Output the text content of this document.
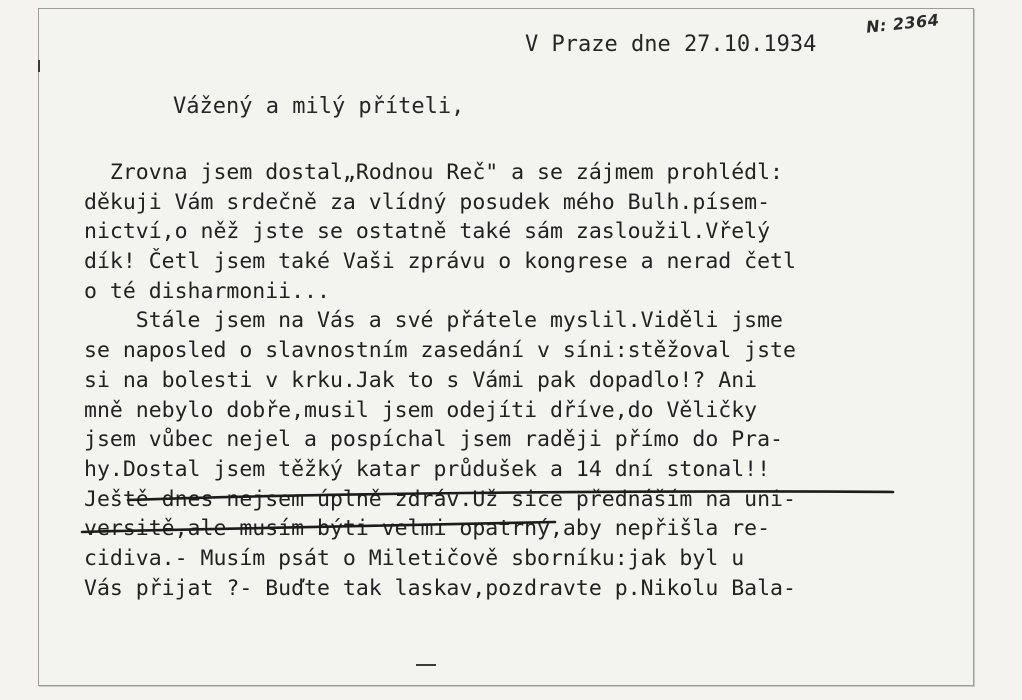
N: 2364
V Praze dne 27.10.1934
Vážený a milý příteli,
Zrovna jsem dostal„Rodnou Reč" a se zájmem prohlédl:
děkuji Vám srdečně za vlídný posudek mého Bulh.písem-
nictví,o něž jste se ostatně také sám zasloužil.Vřelý
dík! Četl jsem také Vaši zprávu o kongrese a nerad četl
o té disharmonii...
Stále jsem na Vás a své přátele myslil.Viděli jsme
se naposled o slavnostním zasedání v síni:stěžoval jste
si na bolesti v krku.Jak to s Vámi pak dopadlo!? Ani
mně nebylo dobře,musil jsem odejíti dříve,do Věličky
jsem vůbec nejel a pospíchal jsem raději přímo do Pra-
hy.Dostal jsem těžký katar průdušek a 14 dní stonal!!
Ještě dnes nejsem úplně zdráv.Už sice přednáším na uni-
versitě,ale musím býti velmi opatrný,aby nepřišla re-
cidiva.- Musím psát o Miletičově sborníku:jak byl u
Vás přijat ?- Buďte tak laskav,pozdravte p.Nikolu Bala-
